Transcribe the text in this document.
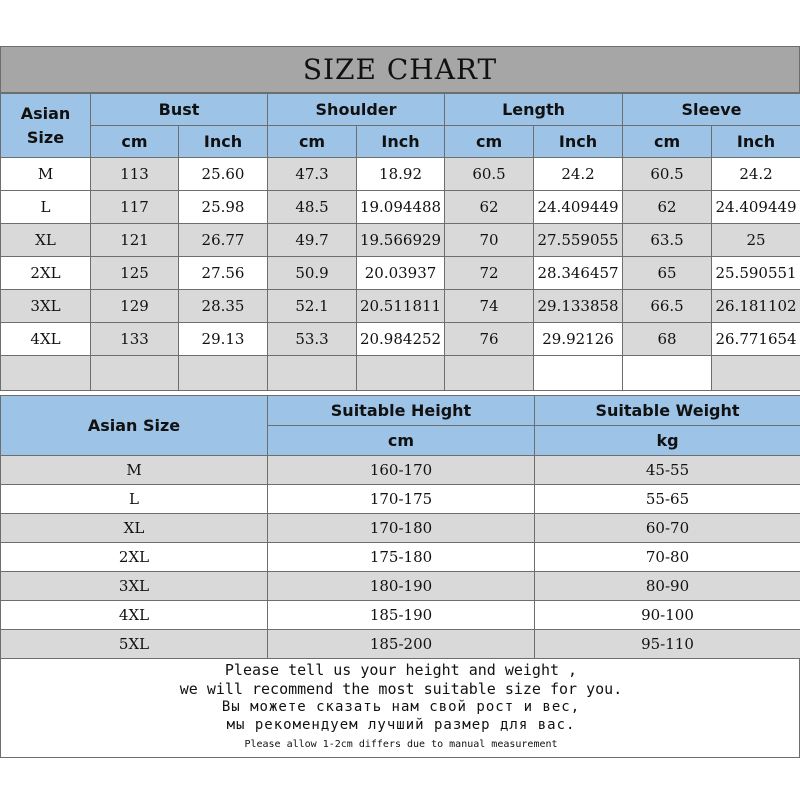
SIZE CHART
Asian Size	Bust		Shoulder		Length		Sleeve	
	cm	Inch	cm	Inch	cm	Inch	cm	Inch
M	113	25.60	47.3	18.92	60.5	24.2	60.5	24.2
L	117	25.98	48.5	19.094488	62	24.409449	62	24.409449
XL	121	26.77	49.7	19.566929	70	27.559055	63.5	25
2XL	125	27.56	50.9	20.03937	72	28.346457	65	25.590551
3XL	129	28.35	52.1	20.511811	74	29.133858	66.5	26.181102
4XL	133	29.13	53.3	20.984252	76	29.92126	68	26.771654

Asian Size	Suitable Height	Suitable Weight
	cm	kg
M	160-170	45-55
L	170-175	55-65
XL	170-180	60-70
2XL	175-180	70-80
3XL	180-190	80-90
4XL	185-190	90-100
5XL	185-200	95-110
Please tell us your height and weight ,
we will recommend the most suitable size for you.
Вы можете сказать нам свой рост и вес,
мы рекомендуем лучший размер для вас.
Please allow 1-2cm differs due to manual measurement
